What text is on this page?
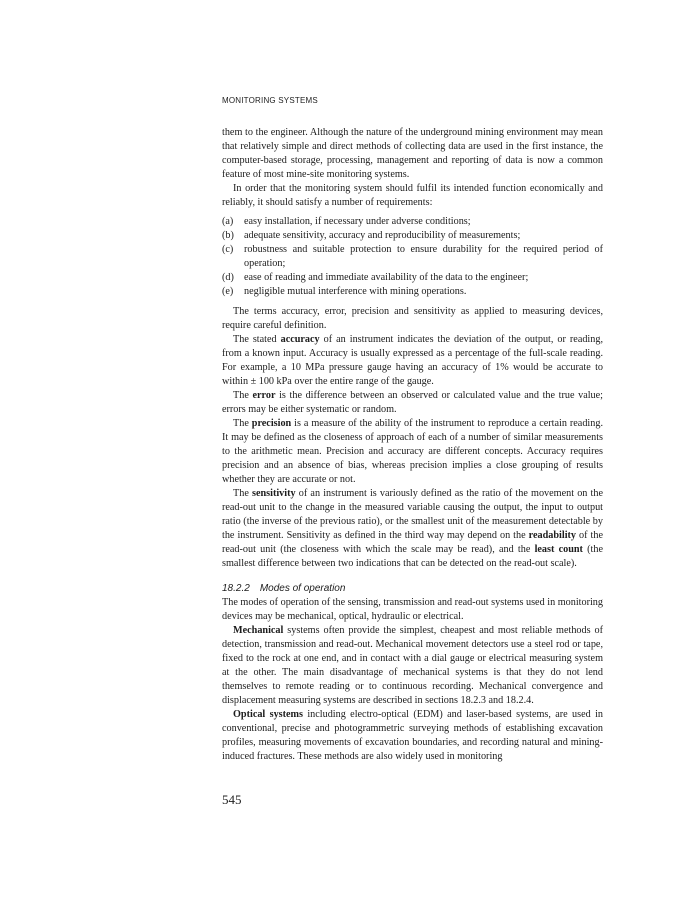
MONITORING SYSTEMS

them to the engineer. Although the nature of the underground mining environment may mean that relatively simple and direct methods of collecting data are used in the first instance, the computer-based storage, processing, management and reporting of data is now a common feature of most mine-site monitoring systems.

In order that the monitoring system should fulfil its intended function economically and reliably, it should satisfy a number of requirements:

(a)	easy installation, if necessary under adverse conditions;
(b) adequate sensitivity, accuracy and reproducibility of measurements;
(c)	robustness and suitable protection to ensure durability for the required period of operation;
(d) ease of reading and immediate availability of the data to the engineer;
(e)	negligible mutual interference with mining operations.

The terms accuracy, error, precision and sensitivity as applied to measuring devices, require careful definition.

The stated accuracy of an instrument indicates the deviation of the output, or reading, from a known input. Accuracy is usually expressed as a percentage of the full-scale reading. For example, a 10 MPa pressure gauge having an accuracy of 1% would be accurate to within ± 100 kPa over the entire range of the gauge.

The error is the difference between an observed or calculated value and the true value; errors may be either systematic or random.

The precision is a measure of the ability of the instrument to reproduce a certain reading. It may be defined as the closeness of approach of each of a number of similar measurements to the arithmetic mean. Precision and accuracy are different concepts. Accuracy requires precision and an absence of bias, whereas precision implies a close grouping of results whether they are accurate or not.

The sensitivity of an instrument is variously defined as the ratio of the movement on the read-out unit to the change in the measured variable causing the output, the input to output ratio (the inverse of the previous ratio), or the smallest unit of the measurement detectable by the instrument. Sensitivity as defined in the third way may depend on the readability of the read-out unit (the closeness with which the scale may be read), and the least count (the smallest difference between two indications that can be detected on the read-out scale).

18.2.2 Modes of operation

The modes of operation of the sensing, transmission and read-out systems used in monitoring devices may be mechanical, optical, hydraulic or electrical.

Mechanical systems often provide the simplest, cheapest and most reliable methods of detection, transmission and read-out. Mechanical movement detectors use a steel rod or tape, fixed to the rock at one end, and in contact with a dial gauge or electrical measuring system at the other. The main disadvantage of mechanical systems is that they do not lend themselves to remote reading or to continuous recording. Mechanical convergence and displacement measuring systems are described in sections 18.2.3 and 18.2.4.

Optical systems including electro-optical (EDM) and laser-based systems, are used in conventional, precise and photogrammetric surveying methods of establishing excavation profiles, measuring movements of excavation boundaries, and recording natural and mining-induced fractures. These methods are also widely used in monitoring

545
